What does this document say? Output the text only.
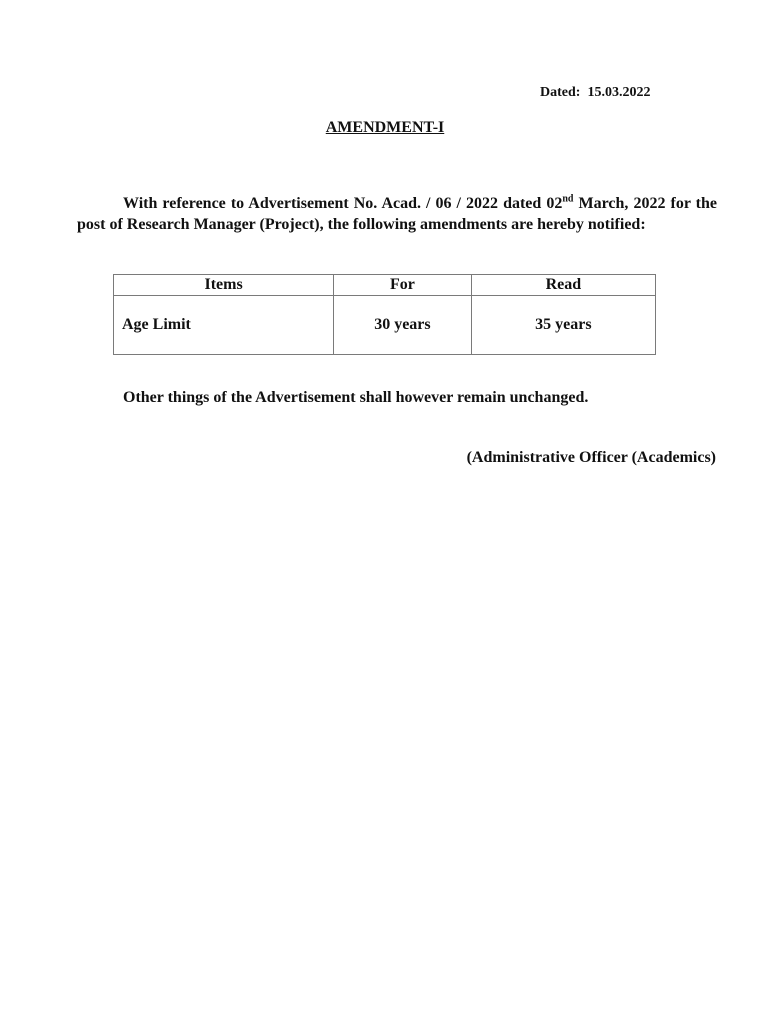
Dated: 15.03.2022
AMENDMENT-I

With reference to Advertisement No. Acad. / 06 / 2022 dated 02nd March, 2022 for the post of Research Manager (Project), the following amendments are hereby notified:

Items	For	Read
Age Limit	30 years	35 years
Other things of the Advertisement shall however remain unchanged.
(Administrative Officer (Academics)
